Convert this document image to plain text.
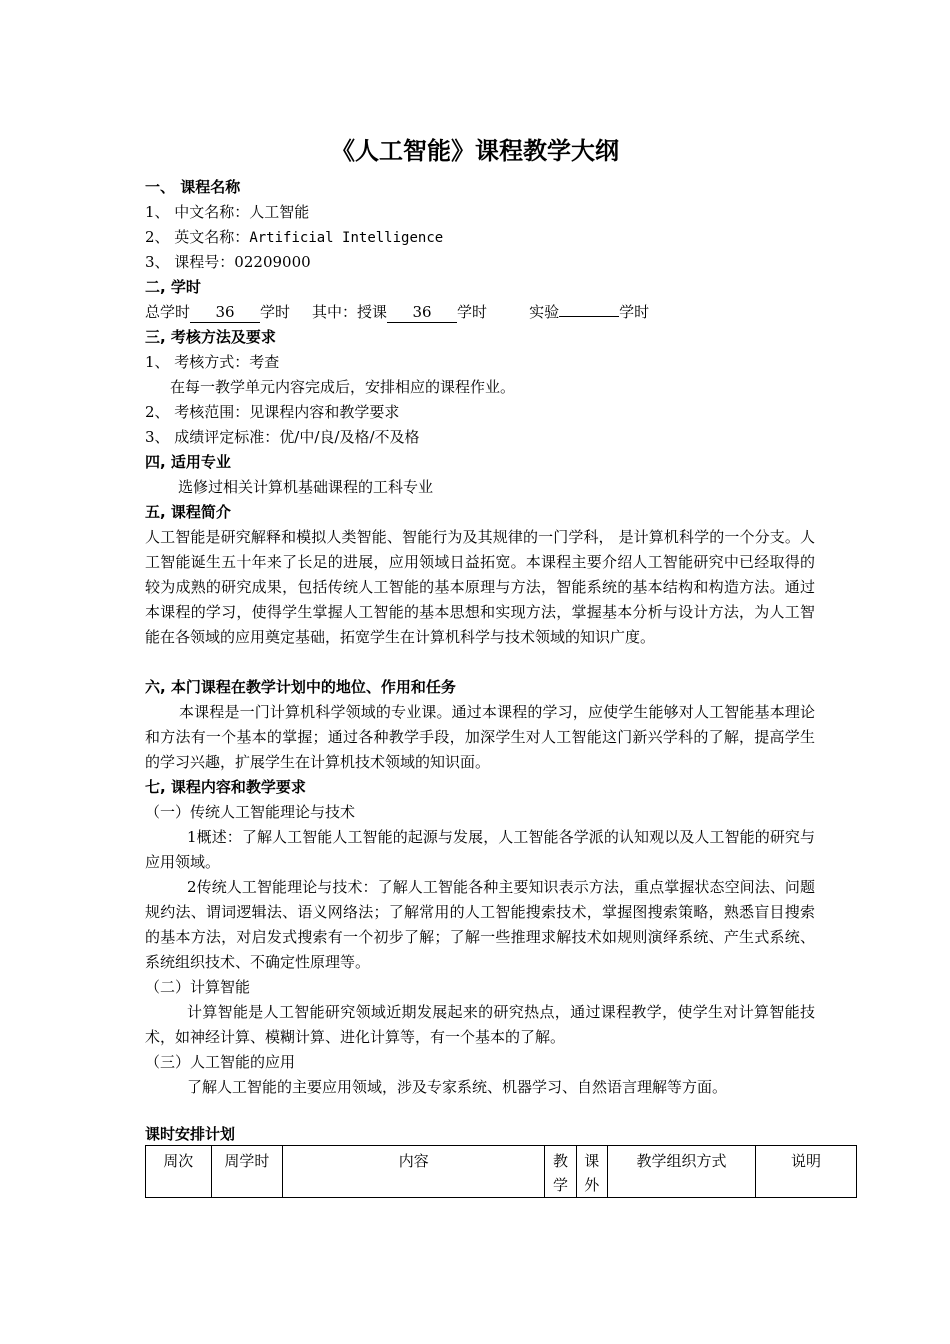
《人工智能》课程教学大纲
一、 课程名称
1、 中文名称：人工智能
2、 英文名称：Artificial Intelligence
3、 课程号：02209000
二, 学时
总学时 36 学时 其中：授课 36 学时	实验	学时
三, 考核方法及要求
1、 考核方式：考查
在每一教学单元内容完成后，安排相应的课程作业。
2、 考核范围：见课程内容和教学要求
3、 成绩评定标准：优/中/良/及格/不及格
四, 适用专业
选修过相关计算机基础课程的工科专业
五, 课程简介
人工智能是研究解释和模拟人类智能、智能行为及其规律的一门学科， 是计算机科学的一个分支。人工智能诞生五十年来了长足的进展，应用领域日益拓宽。本课程主要介绍人工智能研究中已经取得的较为成熟的研究成果，包括传统人工智能的基本原理与方法，智能系统的基本结构和构造方法。通过本课程的学习，使得学生掌握人工智能的基本思想和实现方法，掌握基本分析与设计方法，为人工智能在各领域的应用奠定基础，拓宽学生在计算机科学与技术领域的知识广度。
六, 本门课程在教学计划中的地位、作用和任务
本课程是一门计算机科学领域的专业课。通过本课程的学习，应使学生能够对人工智能基本理论和方法有一个基本的掌握；通过各种教学手段，加深学生对人工智能这门新兴学科的了解，提高学生的学习兴趣，扩展学生在计算机技术领域的知识面。
七, 课程内容和教学要求
（一）传统人工智能理论与技术
1概述：了解人工智能人工智能的起源与发展，人工智能各学派的认知观以及人工智能的研究与应用领域。
2传统人工智能理论与技术：了解人工智能各种主要知识表示方法，重点掌握状态空间法、问题规约法、谓词逻辑法、语义网络法；了解常用的人工智能搜索技术，掌握图搜索策略，熟悉盲目搜索的基本方法，对启发式搜索有一个初步了解；了解一些推理求解技术如规则演绎系统、产生式系统、系统组织技术、不确定性原理等。
（二）计算智能
计算智能是人工智能研究领域近期发展起来的研究热点，通过课程教学，使学生对计算智能技术，如神经计算、模糊计算、进化计算等，有一个基本的了解。
（三）人工智能的应用
了解人工智能的主要应用领域，涉及专家系统、机器学习、自然语言理解等方面。
课时安排计划
周次	周学时	内容	教学	课外	教学组织方式	说明
